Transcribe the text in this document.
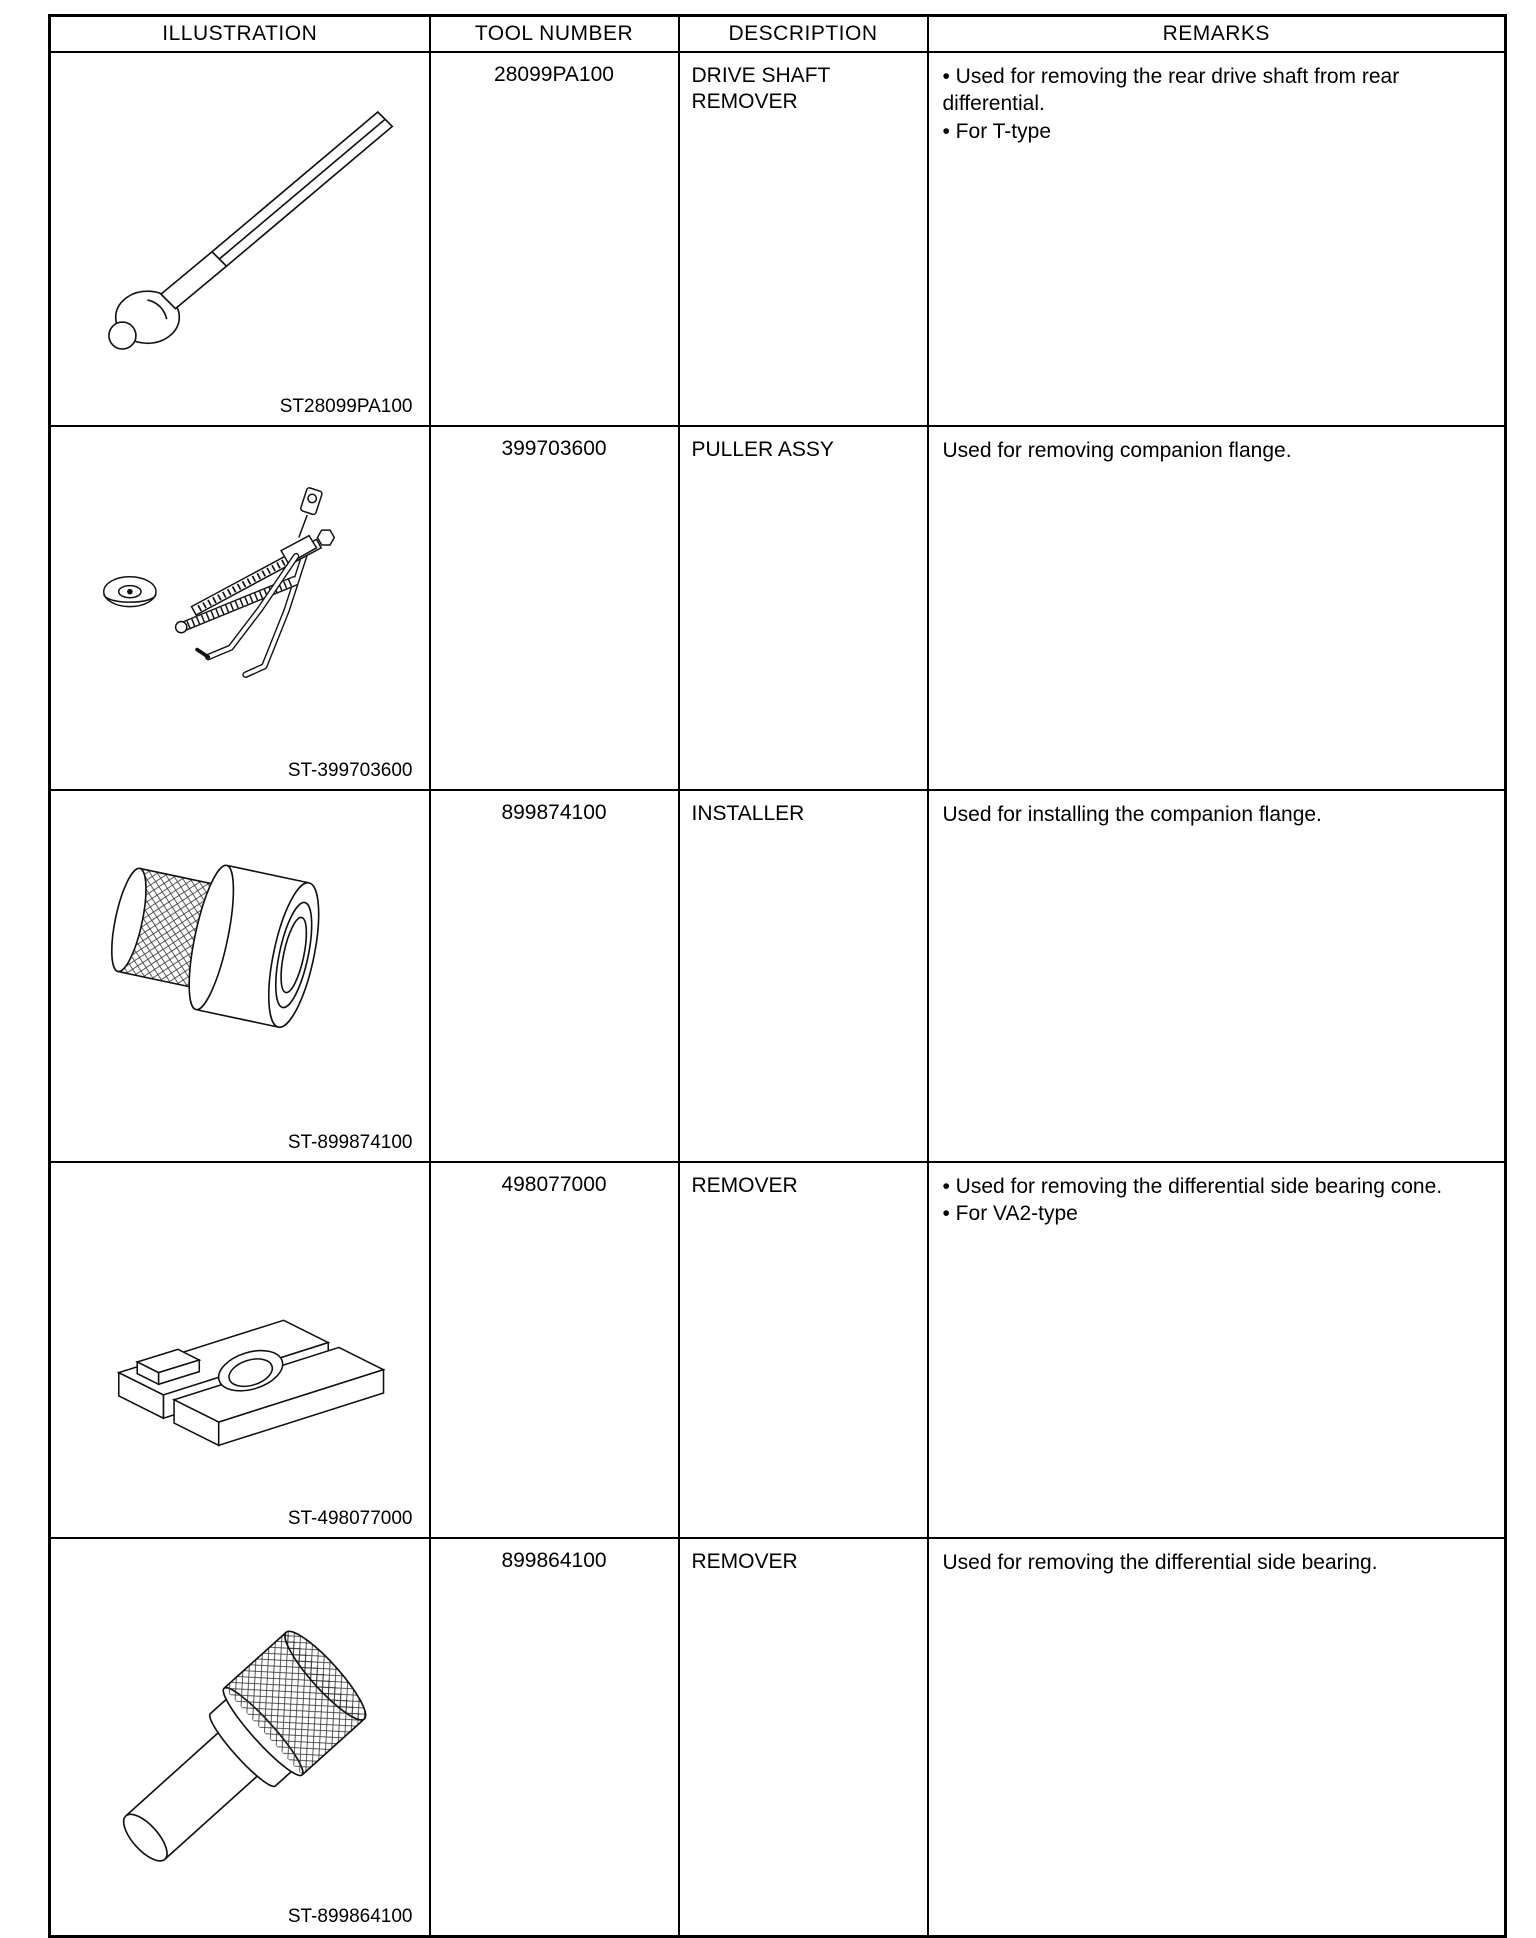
ILLUSTRATION	TOOL NUMBER	DESCRIPTION	REMARKS

ST28099PA100	28099PA100	DRIVE SHAFT REMOVER	• Used for removing the rear drive shaft from rear differential.
• For T-type

ST-399703600	399703600	PULLER ASSY	Used for removing companion flange.

ST-899874100	899874100	INSTALLER	Used for installing the companion flange.

ST-498077000	498077000	REMOVER	• Used for removing the differential side bearing cone.
• For VA2-type

ST-899864100	899864100	REMOVER	Used for removing the differential side bearing.
